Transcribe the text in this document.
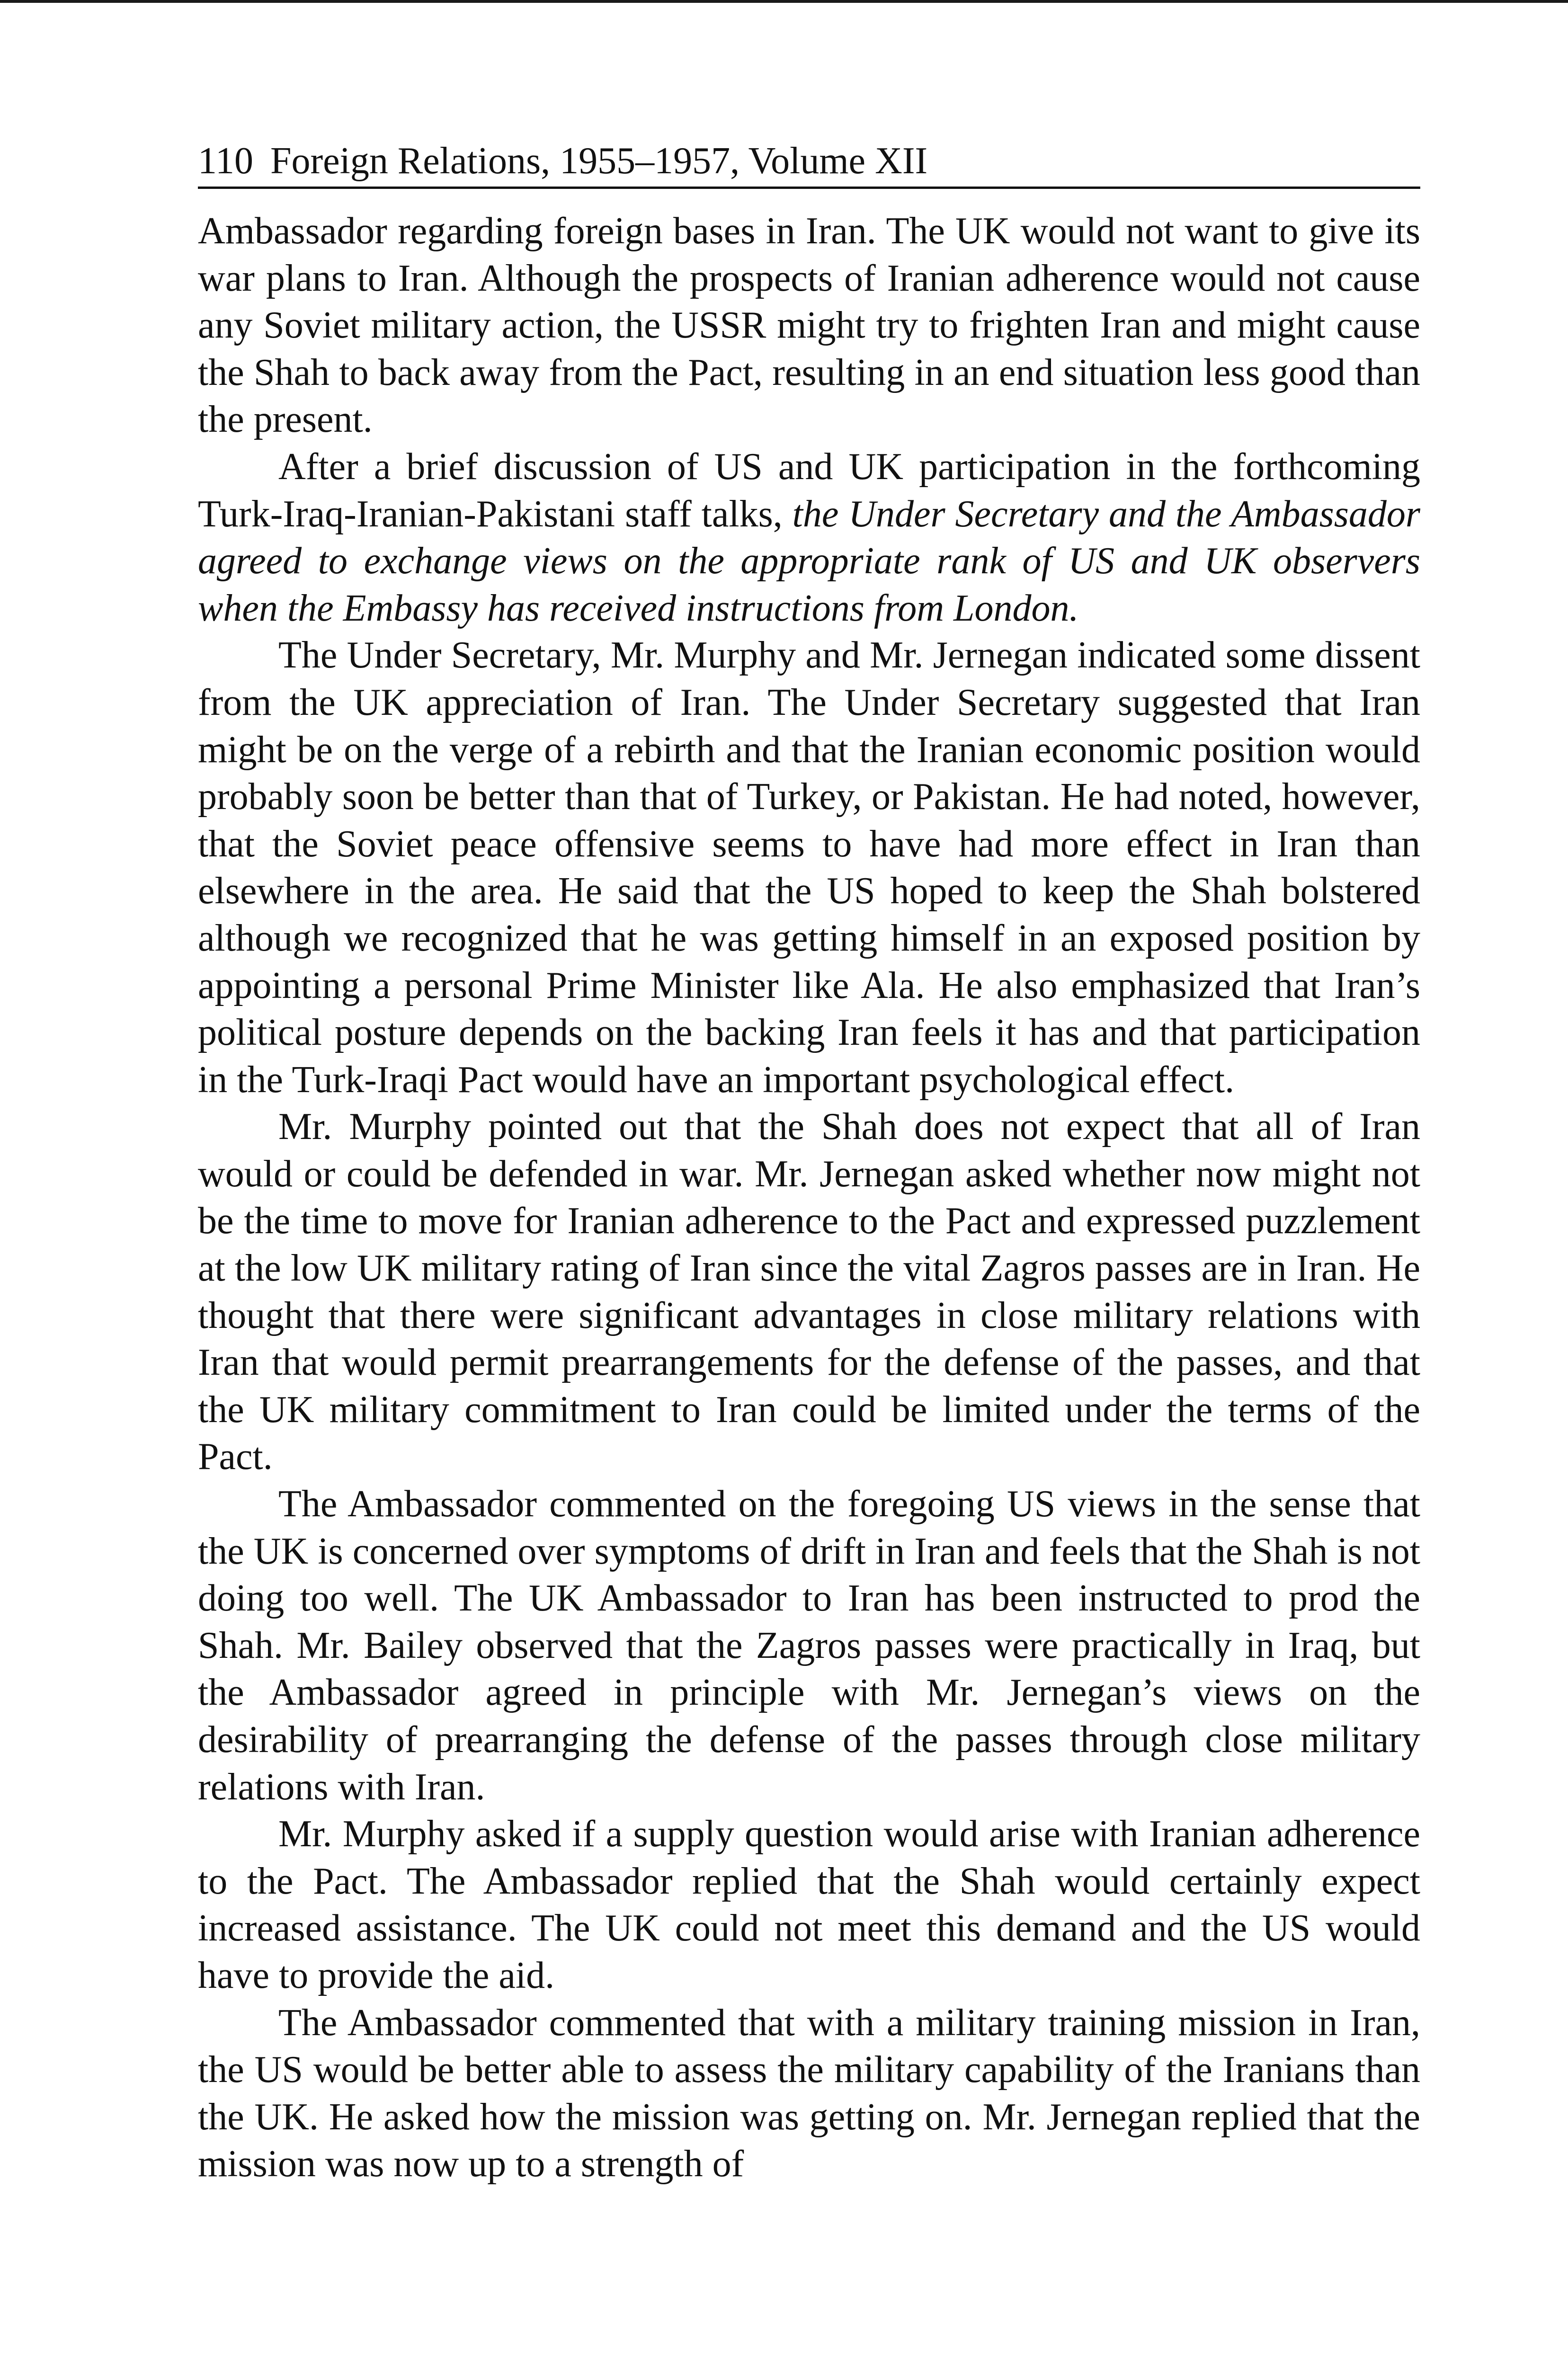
110 Foreign Relations, 1955–1957, Volume XII

Ambassador regarding foreign bases in Iran. The UK would not want to give its war plans to Iran. Although the prospects of Iranian adherence would not cause any Soviet military action, the USSR might try to frighten Iran and might cause the Shah to back away from the Pact, resulting in an end situation less good than the present.

After a brief discussion of US and UK participation in the forthcoming Turk-Iraq-Iranian-Pakistani staff talks, the Under Secretary and the Ambassador agreed to exchange views on the appropriate rank of US and UK observers when the Embassy has received instructions from London.

The Under Secretary, Mr. Murphy and Mr. Jernegan indicated some dissent from the UK appreciation of Iran. The Under Secretary suggested that Iran might be on the verge of a rebirth and that the Iranian economic position would probably soon be better than that of Turkey, or Pakistan. He had noted, however, that the Soviet peace offensive seems to have had more effect in Iran than elsewhere in the area. He said that the US hoped to keep the Shah bolstered although we recognized that he was getting himself in an exposed position by appointing a personal Prime Minister like Ala. He also emphasized that Iran’s political posture depends on the backing Iran feels it has and that participation in the Turk-Iraqi Pact would have an important psychological effect.

Mr. Murphy pointed out that the Shah does not expect that all of Iran would or could be defended in war. Mr. Jernegan asked whether now might not be the time to move for Iranian adherence to the Pact and expressed puzzlement at the low UK military rating of Iran since the vital Zagros passes are in Iran. He thought that there were significant advantages in close military relations with Iran that would permit prearrangements for the defense of the passes, and that the UK military commitment to Iran could be limited under the terms of the Pact.

The Ambassador commented on the foregoing US views in the sense that the UK is concerned over symptoms of drift in Iran and feels that the Shah is not doing too well. The UK Ambassador to Iran has been instructed to prod the Shah. Mr. Bailey observed that the Zagros passes were practically in Iraq, but the Ambassador agreed in principle with Mr. Jernegan’s views on the desirability of prearranging the defense of the passes through close military relations with Iran.

Mr. Murphy asked if a supply question would arise with Iranian adherence to the Pact. The Ambassador replied that the Shah would certainly expect increased assistance. The UK could not meet this demand and the US would have to provide the aid.

The Ambassador commented that with a military training mission in Iran, the US would be better able to assess the military capability of the Iranians than the UK. He asked how the mission was getting on. Mr. Jernegan replied that the mission was now up to a strength of
